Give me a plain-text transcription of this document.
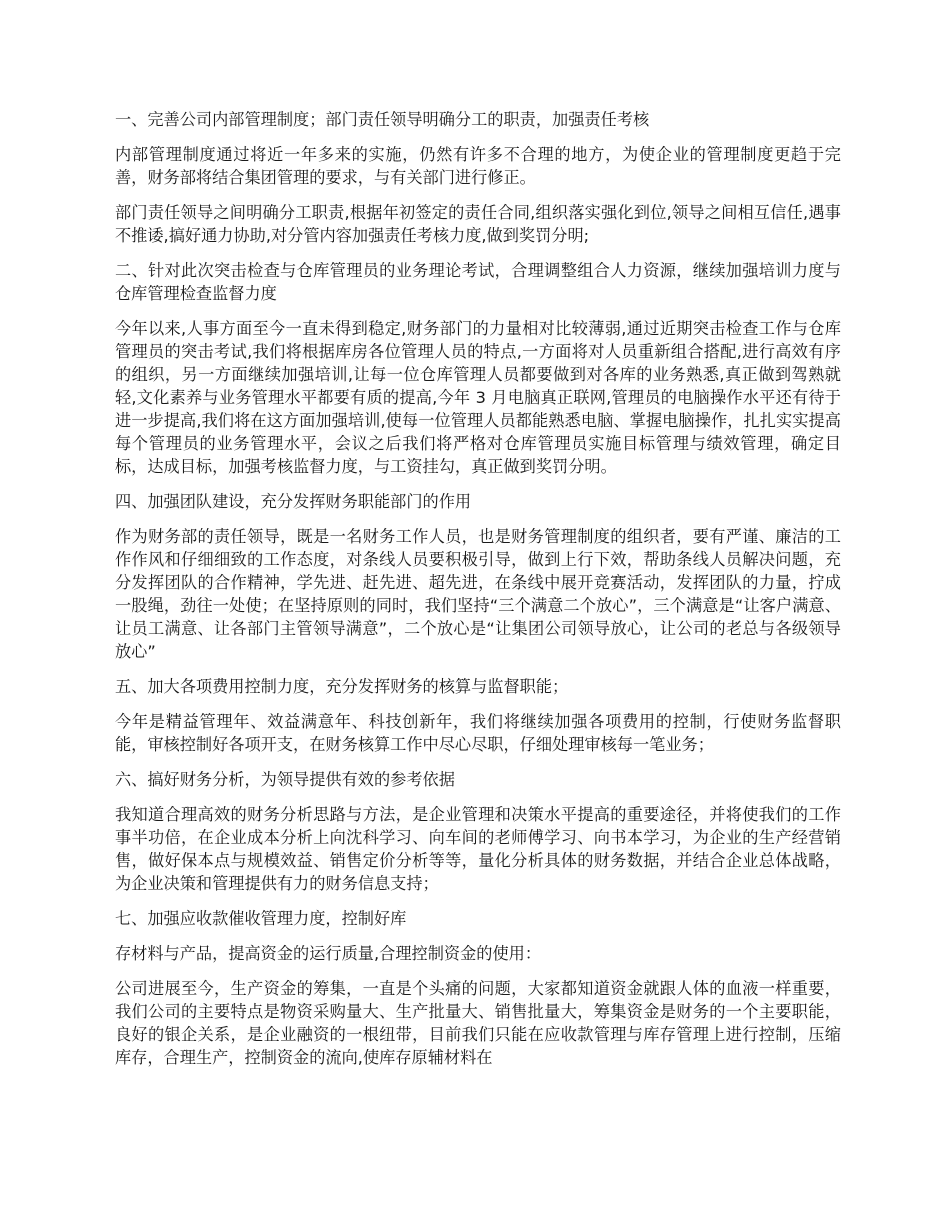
一、完善公司内部管理制度；部门责任领导明确分工的职责，加强责任考核

内部管理制度通过将近一年多来的实施，仍然有许多不合理的地方，为使企业的管理制度更趋于完善，财务部将结合集团管理的要求，与有关部门进行修正。

部门责任领导之间明确分工职责,根据年初签定的责任合同,组织落实强化到位,领导之间相互信任,遇事不推诿,搞好通力协助,对分管内容加强责任考核力度,做到奖罚分明;

二、针对此次突击检查与仓库管理员的业务理论考试，合理调整组合人力资源，继续加强培训力度与仓库管理检查监督力度

今年以来,人事方面至今一直未得到稳定,财务部门的力量相对比较薄弱,通过近期突击检查工作与仓库管理员的突击考试,我们将根据库房各位管理人员的特点,一方面将对人员重新组合搭配,进行高效有序的组织，另一方面继续加强培训,让每一位仓库管理人员都要做到对各库的业务熟悉,真正做到驾熟就轻,文化素养与业务管理水平都要有质的提高,今年 3 月电脑真正联网,管理员的电脑操作水平还有待于进一步提高,我们将在这方面加强培训,使每一位管理人员都能熟悉电脑、掌握电脑操作，扎扎实实提高每个管理员的业务管理水平，会议之后我们将严格对仓库管理员实施目标管理与绩效管理，确定目标，达成目标，加强考核监督力度，与工资挂勾，真正做到奖罚分明。

四、加强团队建设，充分发挥财务职能部门的作用

作为财务部的责任领导，既是一名财务工作人员，也是财务管理制度的组织者，要有严谨、廉洁的工作作风和仔细细致的工作态度，对条线人员要积极引导，做到上行下效，帮助条线人员解决问题，充分发挥团队的合作精神，学先进、赶先进、超先进，在条线中展开竞赛活动，发挥团队的力量，拧成一股绳，劲往一处使；在坚持原则的同时，我们坚持“三个满意二个放心”，三个满意是“让客户满意、让员工满意、让各部门主管领导满意”，二个放心是“让集团公司领导放心，让公司的老总与各级领导放心”

五、加大各项费用控制力度，充分发挥财务的核算与监督职能；

今年是精益管理年、效益满意年、科技创新年，我们将继续加强各项费用的控制，行使财务监督职能，审核控制好各项开支，在财务核算工作中尽心尽职，仔细处理审核每一笔业务；

六、搞好财务分析，为领导提供有效的参考依据

我知道合理高效的财务分析思路与方法，是企业管理和决策水平提高的重要途径，并将使我们的工作事半功倍，在企业成本分析上向沈科学习、向车间的老师傅学习、向书本学习，为企业的生产经营销售，做好保本点与规模效益、销售定价分析等等，量化分析具体的财务数据，并结合企业总体战略，为企业决策和管理提供有力的财务信息支持；

七、加强应收款催收管理力度，控制好库

存材料与产品，提高资金的运行质量,合理控制资金的使用：

公司进展至今，生产资金的筹集，一直是个头痛的问题，大家都知道资金就跟人体的血液一样重要，我们公司的主要特点是物资采购量大、生产批量大、销售批量大，筹集资金是财务的一个主要职能，良好的银企关系，是企业融资的一根纽带，目前我们只能在应收款管理与库存管理上进行控制，压缩库存，合理生产，控制资金的流向,使库存原辅材料在
